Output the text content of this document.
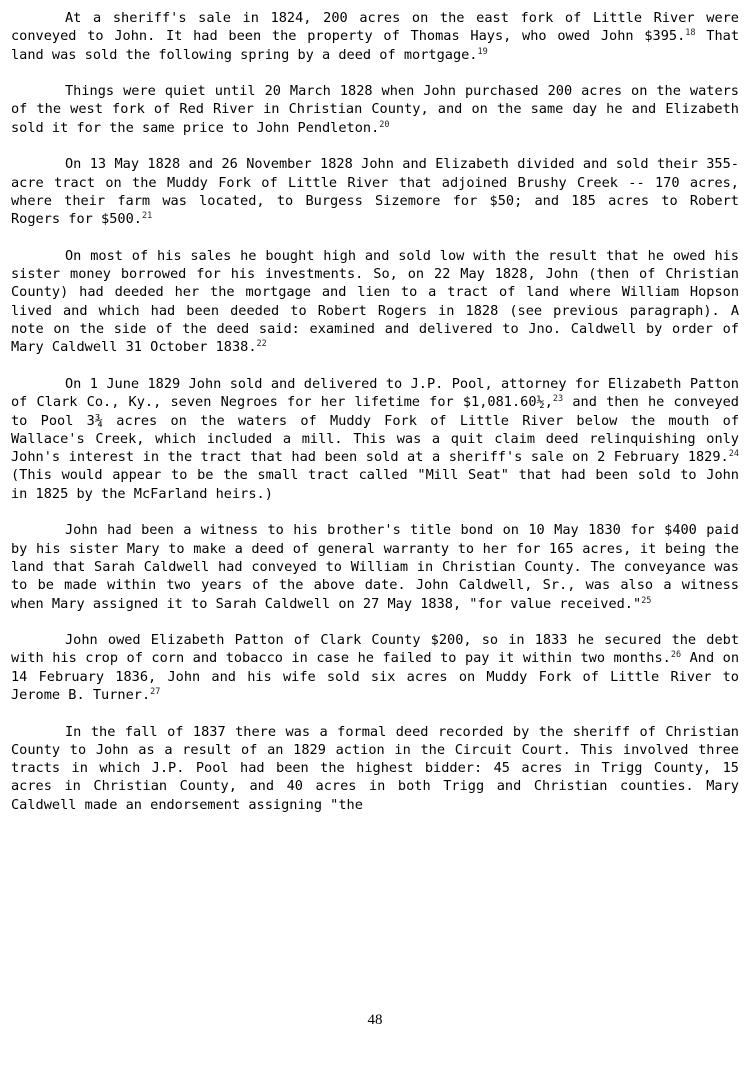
At a sheriff's sale in 1824, 200 acres on the east fork of Little River were conveyed to John. It had been the property of Thomas Hays, who owed John $395.18 That land was sold the following spring by a deed of mortgage.$^{19}$

Things were quiet until 20 March 1828 when John purchased 200 acres on the waters of the west fork of Red River in Christian County, and on the same day he and Elizabeth sold it for the same price to John Pendleton.$^{20}$

On 13 May 1828 and 26 November 1828 John and Elizabeth divided and sold their 355-acre tract on the Muddy Fork of Little River that adjoined Brushy Creek -- 170 acres, where their farm was located, to Burgess Sizemore for $50; and 185 acres to Robert Rogers for $500.21

On most of his sales he bought high and sold low with the result that he owed his sister money borrowed for his investments. So, on 22 May 1828, John (then of Christian County) had deeded her the mortgage and lien to a tract of land where William Hopson lived and which had been deeded to Robert Rogers in 1828 (see previous paragraph). A note on the side of the deed said: examined and delivered to Jno. Caldwell by order of Mary Caldwell 31 October 1838.22

On 1 June 1829 John sold and delivered to J.P. Pool, attorney for Elizabeth Patton of Clark Co., Ky., seven Negroes for her lifetime for $1,081.60½,$^{23}$ and then he conveyed to Pool 3¾ acres on the waters of Muddy Fork of Little River below the mouth of Wallace's Creek, which included a mill. This was a quit claim deed relinquishing only John's interest in the tract that had been sold at a sheriff's sale on 2 February 1829.24 (This would appear to be the small tract called "Mill Seat" that had been sold to John in 1825 by the McFarland heirs.)

John had been a witness to his brother's title bond on 10 May 1830 for $400 paid by his sister Mary to make a deed of general warranty to her for 165 acres, it being the land that Sarah Caldwell had conveyed to William in Christian County. The conveyance was to be made within two years of the above date. John Caldwell, Sr., was also a witness when Mary assigned it to Sarah Caldwell on 27 May 1838, "for value received."$^{25}$

John owed Elizabeth Patton of Clark County $200, so in 1833 he secured the debt with his crop of corn and tobacco in case he failed to pay it within two months.$^{26}$ And on 14 February 1836, John and his wife sold six acres on Muddy Fork of Little River to Jerome B. Turner.$^{27}$

In the fall of 1837 there was a formal deed recorded by the sheriff of Christian County to John as a result of an 1829 action in the Circuit Court. This involved three tracts in which J.P. Pool had been the highest bidder: 45 acres in Trigg County, 15 acres in Christian County, and 40 acres in both Trigg and Christian counties. Mary Caldwell made an endorsement assigning "the

48
